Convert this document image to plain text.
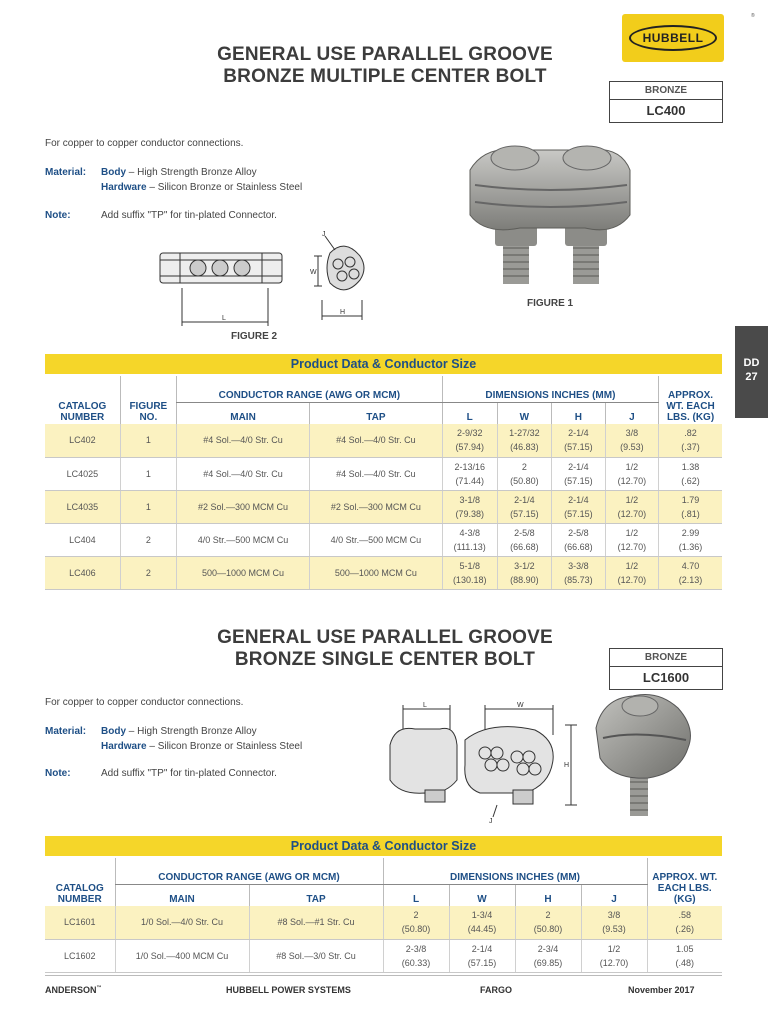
HUBBELL
®
DD
27
GENERAL USE PARALLEL GROOVE
BRONZE MULTIPLE CENTER BOLT
BRONZE
LC400
For copper to copper conductor connections.
Material: Body – High Strength Bronze Alloy
Hardware – Silicon Bronze or Stainless Steel
Note:	Add suffix "TP" for tin-plated Connector.
W
L
H
J
FIGURE 2
FIGURE 1
Product Data & Conductor Size
CATALOG NUMBER	FIGURE NO.	CONDUCTOR RANGE (AWG OR MCM)		DIMENSIONS INCHES (MM)				APPROX. WT. EACH LBS. (KG)
		MAIN	TAP	L	W	H	J	
LC402	1	#4 Sol.—4/0 Str. Cu	#4 Sol.—4/0 Str. Cu	2-9/32
(57.94)	1-27/32
(46.83)	2-1/4
(57.15)	3/8
(9.53)	.82
(.37)

LC4025	1	#4 Sol.—4/0 Str. Cu	#4 Sol.—4/0 Str. Cu	2-13/16
(71.44)	2
(50.80)	2-1/4
(57.15)	1/2
(12.70)	1.38
(.62)

LC4035	1	#2 Sol.—300 MCM Cu	#2 Sol.—300 MCM Cu	3-1/8
(79.38)	2-1/4
(57.15)	2-1/4
(57.15)	1/2
(12.70)	1.79
(.81)

LC404	2	4/0 Str.—500 MCM Cu	4/0 Str.—500 MCM Cu	4-3/8
(111.13)	2-5/8
(66.68)	2-5/8
(66.68)	1/2
(12.70)	2.99
(1.36)

LC406	2	500—1000 MCM Cu	500—1000 MCM Cu	5-1/8
(130.18)	3-1/2
(88.90)	3-3/8
(85.73)	1/2
(12.70)	4.70
(2.13)
GENERAL USE PARALLEL GROOVE
BRONZE SINGLE CENTER BOLT	BRONZE
LC1600
For copper to copper conductor connections.
Material: Body – High Strength Bronze Alloy
Hardware – Silicon Bronze or Stainless Steel
Note:	Add suffix "TP" for tin-plated Connector.
L	W
H
J
Product Data & Conductor Size
CATALOG NUMBER	CONDUCTOR RANGE (AWG OR MCM)		DIMENSIONS INCHES (MM)				APPROX. WT. EACH LBS. (KG)
	MAIN	TAP	L	W	H	J	
LC1601	1/0 Sol.—4/0 Str. Cu	#8 Sol.—#1 Str. Cu	2
(50.80)	1-3/4
(44.45)	2
(50.80)	3/8
(9.53)	.58
(.26)

LC1602	1/0 Sol.—400 MCM Cu	#8 Sol.—3/0 Str. Cu	2-3/8
(60.33)	2-1/4
(57.15)	2-3/4
(69.85)	1/2
(12.70)	1.05
(.48)
ANDERSON™	HUBBELL POWER SYSTEMS	FARGO	November 2017
